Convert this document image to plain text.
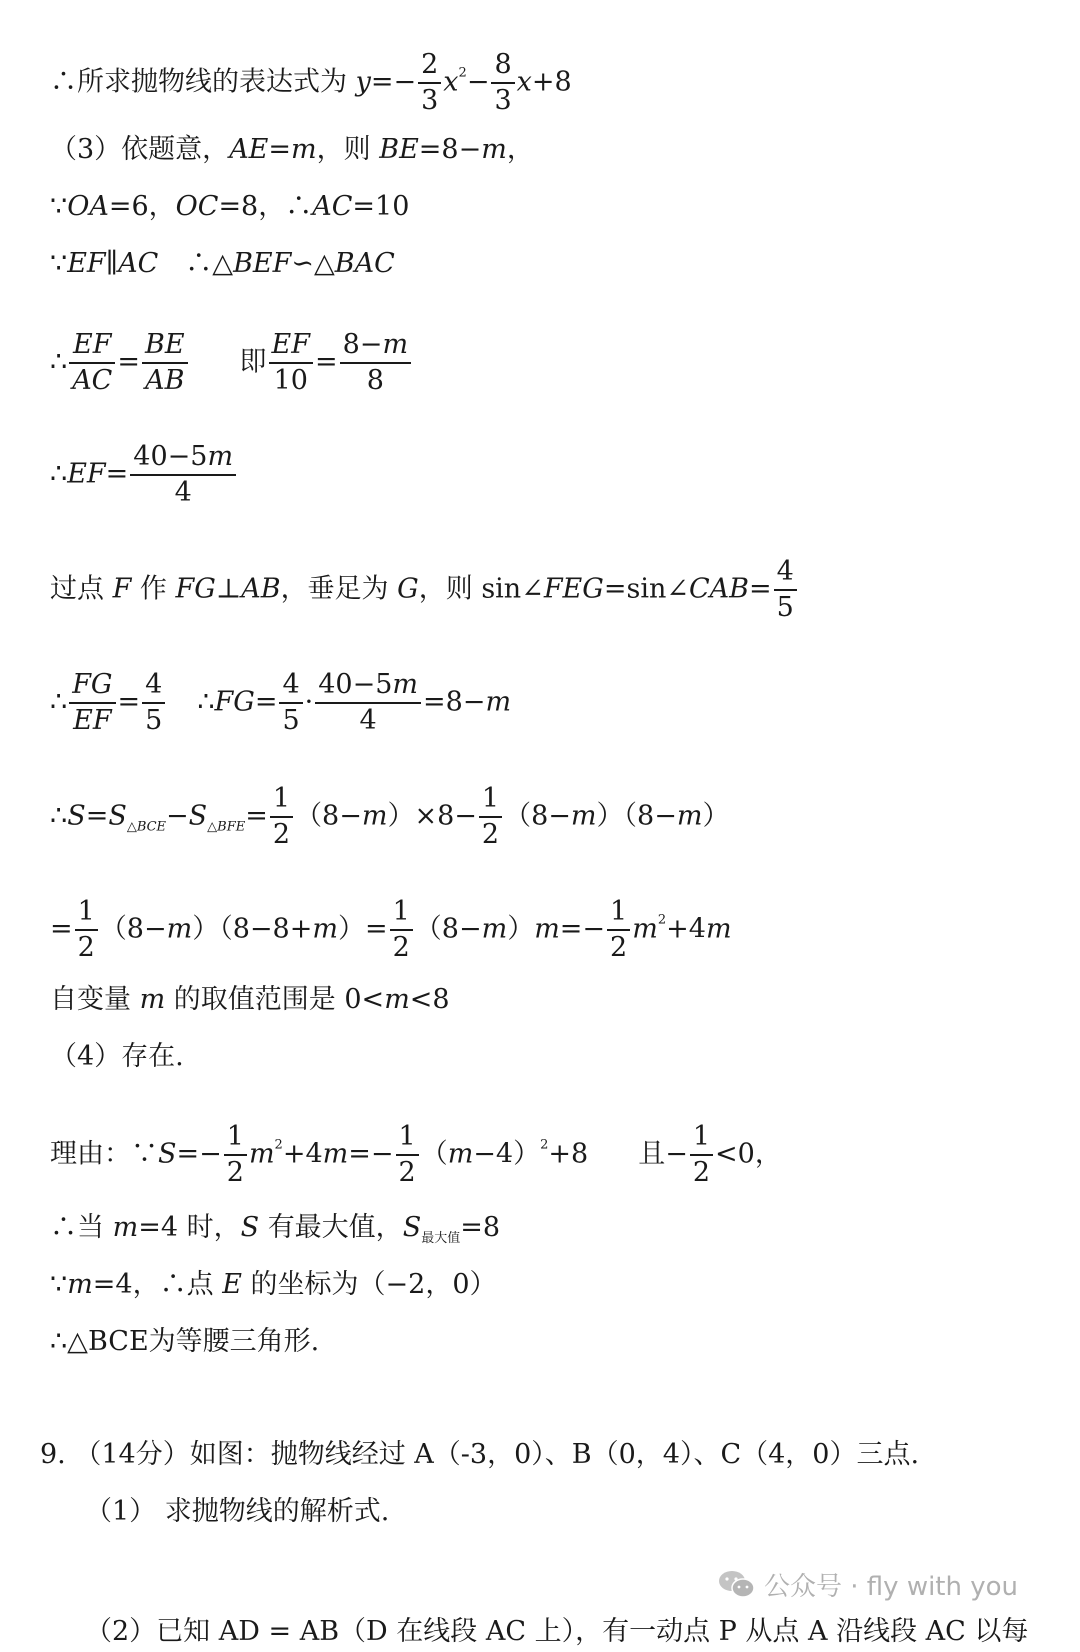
∴所求抛物线的表达式为 $y=- \frac{2}{3} x^2- \frac{8}{3} x+8$
（3）依题意，AE=m，则 BE=8−m，
∵OA=6，OC=8，∴AC=10
∵EF∥AC　∴△BEF∽△BAC
∴ $\frac{EF}{AC} = \frac{BE}{AB}$ 即 $\frac{EF}{10} = \frac{8-m}{8}$
∴EF= $\frac{40-5m}{4}$
过点 F 作 FG⊥AB，垂足为 G，则 sin∠FEG=sin∠CAB= $\frac{4}{5}$
∴ $\frac{FG}{EF} = \frac{4}{5}$ ∴FG= $\frac{4}{5} \cdot \frac{40-5m}{4} =8-m$
$\therefore S=S_{\triangle BCE}-S_{\triangle BFE}= \frac{1}{2} (8-m)\times 8- \frac{1}{2} (8-m)(8-m)$
= $\frac{1}{2} (8-m)(8-8+m)= \frac{1}{2} (8-m)m=- \frac{1}{2} m^2+4m$
自变量 m 的取值范围是 0<m<8
（4）存在.
理由：∵S=− $\frac{1}{2} m^2+4m=- \frac{1}{2} (m-4)^2+8$ 且− $\frac{1}{2} <0$，
∴当 m=4 时，S 有最大值，$S_{最大值}=8$
∵m=4，∴点 E 的坐标为（−2，0）
∴△BCE为等腰三角形.
9. （14分）如图：抛物线经过 A（-3，0）、B（0，4）、C（4，0）三点.
（1） 求抛物线的解析式.
（2）已知 AD = AB（D 在线段 AC 上），有一动点 P 从点 A 沿线段 AC 以每
公众号 · fly with you
